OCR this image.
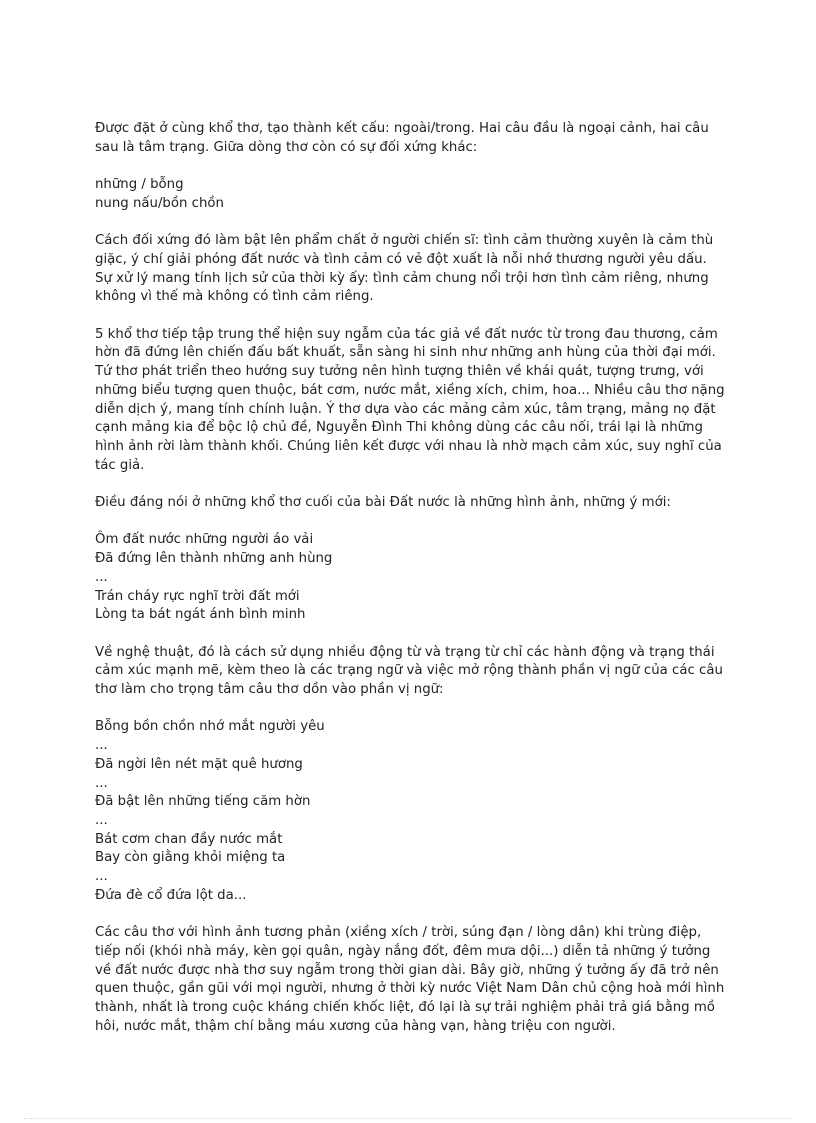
Được đặt ở cùng khổ thơ, tạo thành kết cấu: ngoài/trong. Hai câu đầu là ngoại cảnh, hai câu sau là tâm trạng. Giữa dòng thơ còn có sự đối xứng khác:

những / bỗng
nung nấu/bồn chồn

Cách đối xứng đó làm bật lên phẩm chất ở người chiến sĩ: tình cảm thường xuyên là cảm thù giặc, ý chí giải phóng đất nước và tình cảm có vẻ đột xuất là nỗi nhớ thương người yêu dấu. Sự xử lý mang tính lịch sử của thời kỳ ấy: tình cảm chung nổi trội hơn tình cảm riêng, nhưng không vì thế mà không có tình cảm riêng.

5 khổ thơ tiếp tập trung thể hiện suy ngẫm của tác giả về đất nước từ trong đau thương, cảm hờn đã đứng lên chiến đấu bất khuất, sẵn sàng hi sinh như những anh hùng của thời đại mới. Tứ thơ phát triển theo hướng suy tưởng nên hình tượng thiên về khái quát, tượng trưng, với những biểu tượng quen thuộc, bát cơm, nước mắt, xiềng xích, chim, hoa... Nhiều câu thơ nặng diễn dịch ý, mang tính chính luận. Ý thơ dựa vào các mảng cảm xúc, tâm trạng, mảng nọ đặt cạnh mảng kia để bộc lộ chủ đề, Nguyễn Đình Thi không dùng các câu nối, trái lại là những hình ảnh rời làm thành khối. Chúng liên kết được với nhau là nhờ mạch cảm xúc, suy nghĩ của tác giả.

Điều đáng nói ở những khổ thơ cuối của bài Đất nước là những hình ảnh, những ý mới:

Ôm đất nước những người áo vải
Đã đứng lên thành những anh hùng
...
Trán cháy rực nghĩ trời đất mới
Lòng ta bát ngát ánh bình minh

Về nghệ thuật, đó là cách sử dụng nhiều động từ và trạng từ chỉ các hành động và trạng thái cảm xúc mạnh mẽ, kèm theo là các trạng ngữ và việc mở rộng thành phần vị ngữ của các câu thơ làm cho trọng tâm câu thơ dồn vào phần vị ngữ:

Bỗng bồn chồn nhớ mắt người yêu
...
Đã ngời lên nét mặt quê hương
...
Đã bật lên những tiếng căm hờn
...
Bát cơm chan đầy nước mắt
Bay còn giằng khỏi miệng ta
...
Đứa đè cổ đứa lột da...

Các câu thơ với hình ảnh tương phản (xiềng xích / trời, súng đạn / lòng dân) khi trùng điệp, tiếp nối (khói nhà máy, kèn gọi quân, ngày nắng đốt, đêm mưa dội...) diễn tả những ý tưởng về đất nước được nhà thơ suy ngẫm trong thời gian dài. Bây giờ, những ý tưởng ấy đã trở nên quen thuộc, gần gũi với mọi người, nhưng ở thời kỳ nước Việt Nam Dân chủ cộng hoà mới hình thành, nhất là trong cuộc kháng chiến khốc liệt, đó lại là sự trải nghiệm phải trả giá bằng mồ hôi, nước mắt, thậm chí bằng máu xương của hàng vạn, hàng triệu con người.
